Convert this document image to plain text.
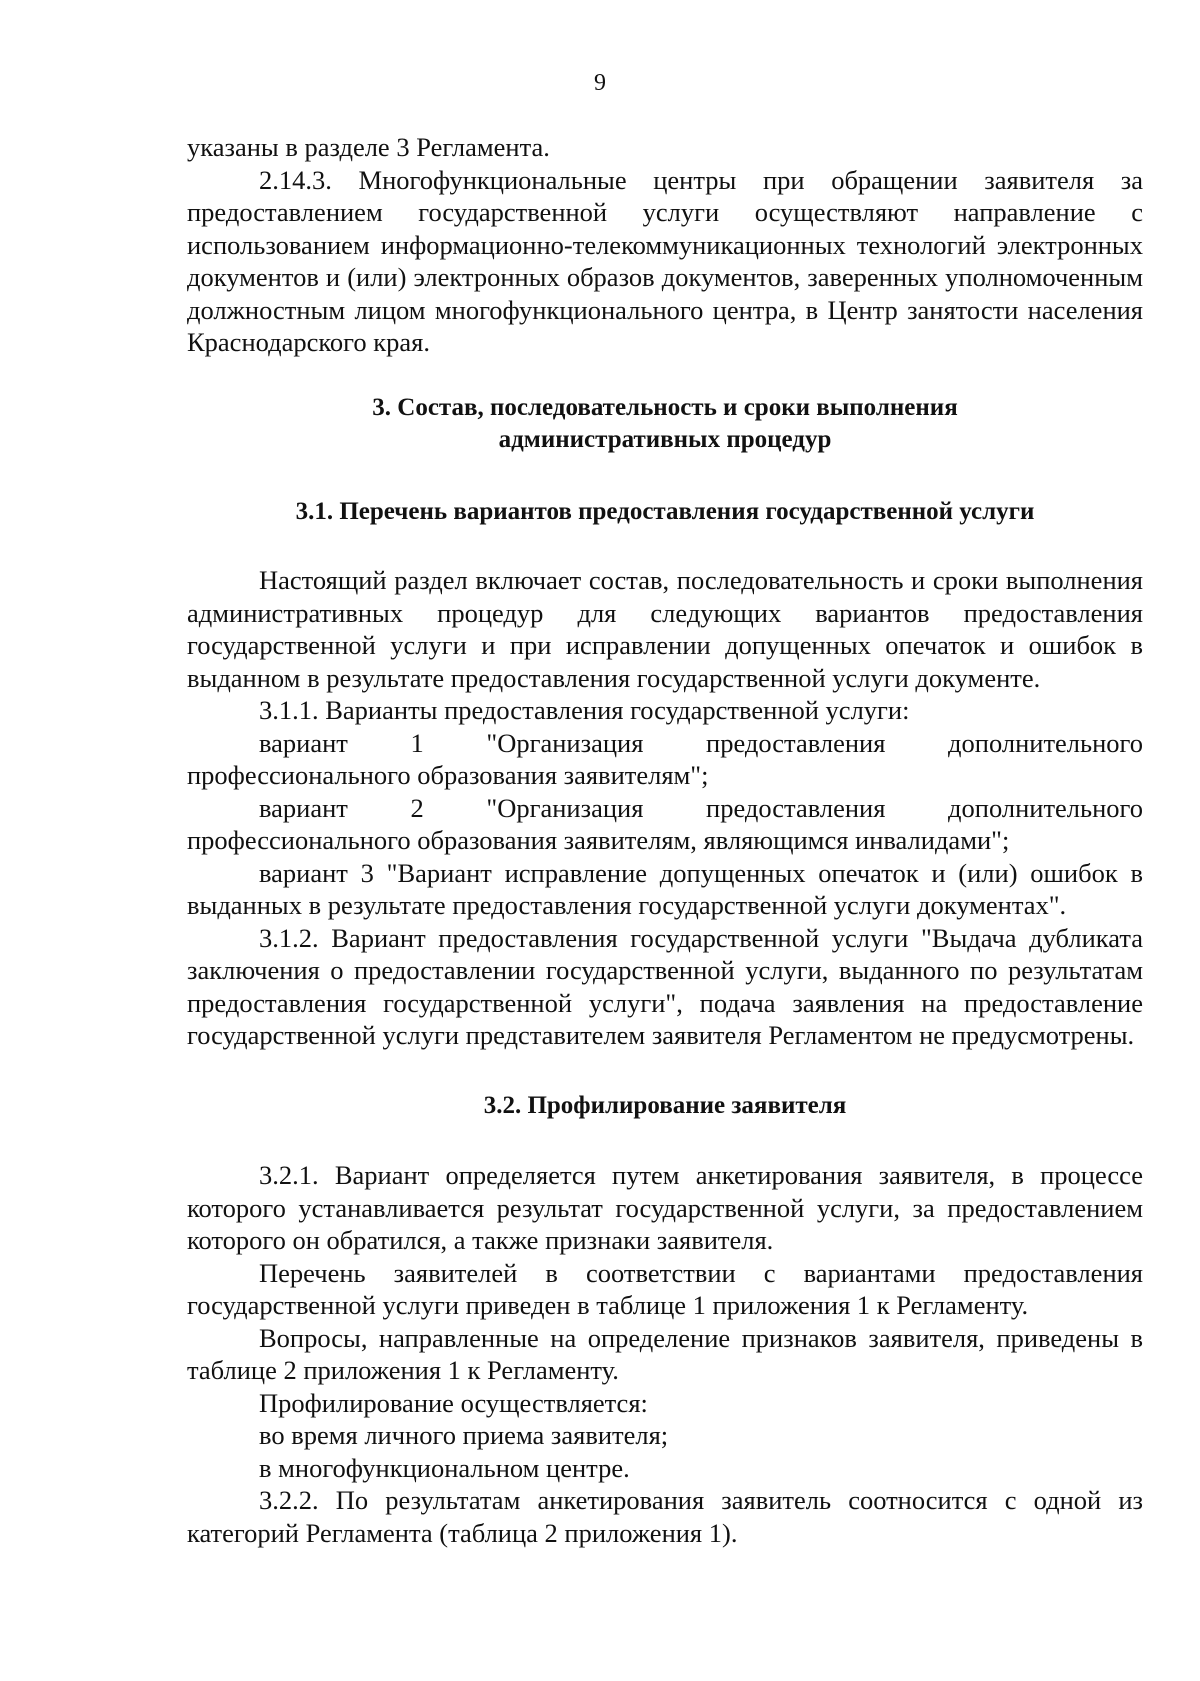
9

указаны в разделе 3 Регламента.

2.14.3. Многофункциональные центры при обращении заявителя за предоставлением государственной услуги осуществляют направление с использованием информационно-телекоммуникационных технологий электронных документов и (или) электронных образов документов, заверенных уполномоченным должностным лицом многофункционального центра, в Центр занятости населения Краснодарского края.

3. Состав, последовательность и сроки выполнения

административных процедур

3.1. Перечень вариантов предоставления государственной услуги

Настоящий раздел включает состав, последовательность и сроки выполнения административных процедур для следующих вариантов предоставления государственной услуги и при исправлении допущенных опечаток и ошибок в выданном в результате предоставления государственной услуги документе.

3.1.1. Варианты предоставления государственной услуги:

вариант 1 "Организация предоставления дополнительного профессионального образования заявителям";

вариант 2 "Организация предоставления дополнительного профессионального образования заявителям, являющимся инвалидами";

вариант 3 "Вариант исправление допущенных опечаток и (или) ошибок в выданных в результате предоставления государственной услуги документах".

3.1.2. Вариант предоставления государственной услуги "Выдача дубликата заключения о предоставлении государственной услуги, выданного по результатам предоставления государственной услуги", подача заявления на предоставление государственной услуги представителем заявителя Регламентом не предусмотрены.

3.2. Профилирование заявителя

3.2.1. Вариант определяется путем анкетирования заявителя, в процессе которого устанавливается результат государственной услуги, за предоставлением которого он обратился, а также признаки заявителя.

Перечень заявителей в соответствии с вариантами предоставления государственной услуги приведен в таблице 1 приложения 1 к Регламенту.

Вопросы, направленные на определение признаков заявителя, приведены в таблице 2 приложения 1 к Регламенту.

Профилирование осуществляется:

во время личного приема заявителя;

в многофункциональном центре.

3.2.2. По результатам анкетирования заявитель соотносится с одной из категорий Регламента (таблица 2 приложения 1).
